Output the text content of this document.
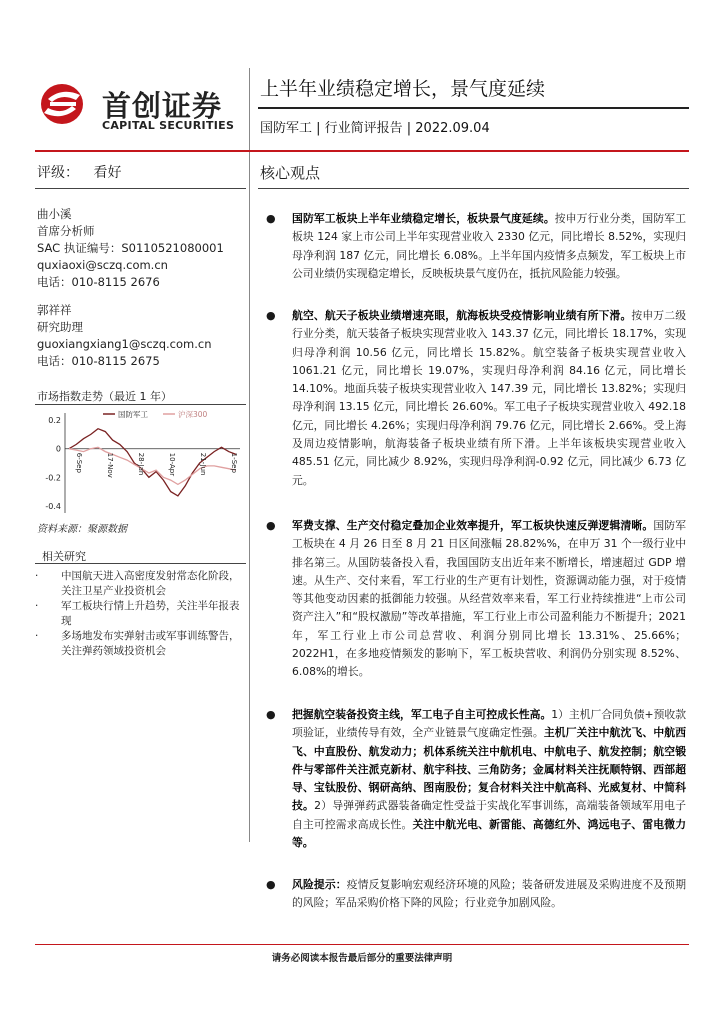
首创证券
CAPITAL SECURITIES
上半年业绩稳定增长，景气度延续
国防军工 | 行业简评报告 | 2022.09.04
评级： 看好	核心观点
曲小溪
首席分析师
SAC 执证编号：S0110521080001
quxiaoxi@sczq.com.cn
电话：010-8115 2676
郭祥祥
研究助理
guoxiangxiang1@sczq.com.cn
电话：010-8115 2675
市场指数走势（最近 1 年）
国防军工	沪深300
0.2
0
-0.2
-0.4
6-Sep	17-Nov	28-Jan	10-Apr	21-Jun	1-Sep
资料来源：聚源数据
相关研究
·	中国航天进入高密度发射常态化阶段，关注卫星产业投资机会
·	军工板块行情上升趋势，关注半年报表现
·	多场地发布实弹射击或军事训练警告，关注弹药领域投资机会
●	国防军工板块上半年业绩稳定增长，板块景气度延续。按申万行业分类，国防军工板块 124 家上市公司上半年实现营业收入 2330 亿元，同比增长 8.52%，实现归母净利润 187 亿元，同比增长 6.08%。上半年国内疫情多点频发，军工板块上市公司业绩仍实现稳定增长，反映板块景气度仍在，抵抗风险能力较强。
●	航空、航天子板块业绩增速亮眼，航海板块受疫情影响业绩有所下滑。按申万二级行业分类，航天装备子板块实现营业收入 143.37 亿元，同比增长 18.17%，实现归母净利润 10.56 亿元，同比增长 15.82%。航空装备子板块实现营业收入 1061.21 亿元，同比增长 19.07%，实现归母净利润 84.16 亿元，同比增长 14.10%。地面兵装子板块实现营业收入 147.39 元，同比增长 13.82%；实现归母净利润 13.15 亿元，同比增长 26.60%。军工电子子板块实现营业收入 492.18 亿元，同比增长 4.26%；实现归母净利润 79.76 亿元，同比增长 2.66%。受上海及周边疫情影响，航海装备子板块业绩有所下滑。上半年该板块实现营业收入 485.51 亿元，同比减少 8.92%，实现归母净利润-0.92 亿元，同比减少 6.73 亿元。
●	军费支撑、生产交付稳定叠加企业效率提升，军工板块快速反弹逻辑清晰。国防军工板块在 4 月 26 日至 8 月 21 日区间涨幅 28.82%%，在申万 31 个一级行业中排名第三。从国防装备投入看，我国国防支出近年来不断增长，增速超过 GDP 增速。从生产、交付来看，军工行业的生产更有计划性，资源调动能力强，对于疫情等其他变动因素的抵御能力较强。从经营效率来看，军工行业持续推进“上市公司资产注入”和“股权激励”等改革措施，军工行业上市公司盈利能力不断提升；2021 年，军工行业上市公司总营收、利润分别同比增长 13.31%、25.66%；2022H1，在多地疫情频发的影响下，军工板块营收、利润仍分别实现 8.52%、6.08%的增长。
●	把握航空装备投资主线，军工电子自主可控成长性高。1）主机厂合同负债+预收款项验证，业绩传导有效，全产业链景气度确定性强。主机厂关注中航沈飞、中航西飞、中直股份、航发动力；机体系统关注中航机电、中航电子、航发控制；航空锻件与零部件关注派克新材、航宇科技、三角防务；金属材料关注抚顺特钢、西部超导、宝钛股份、钢研高纳、图南股份；复合材料关注中航高科、光威复材、中简科技。2）导弹弹药武器装备确定性受益于实战化军事训练，高端装备领域军用电子自主可控需求高成长性。关注中航光电、新雷能、高德红外、鸿远电子、雷电微力等。
●	风险提示：疫情反复影响宏观经济环境的风险；装备研发进展及采购进度不及预期的风险；军品采购价格下降的风险；行业竞争加剧风险。
请务必阅读本报告最后部分的重要法律声明
